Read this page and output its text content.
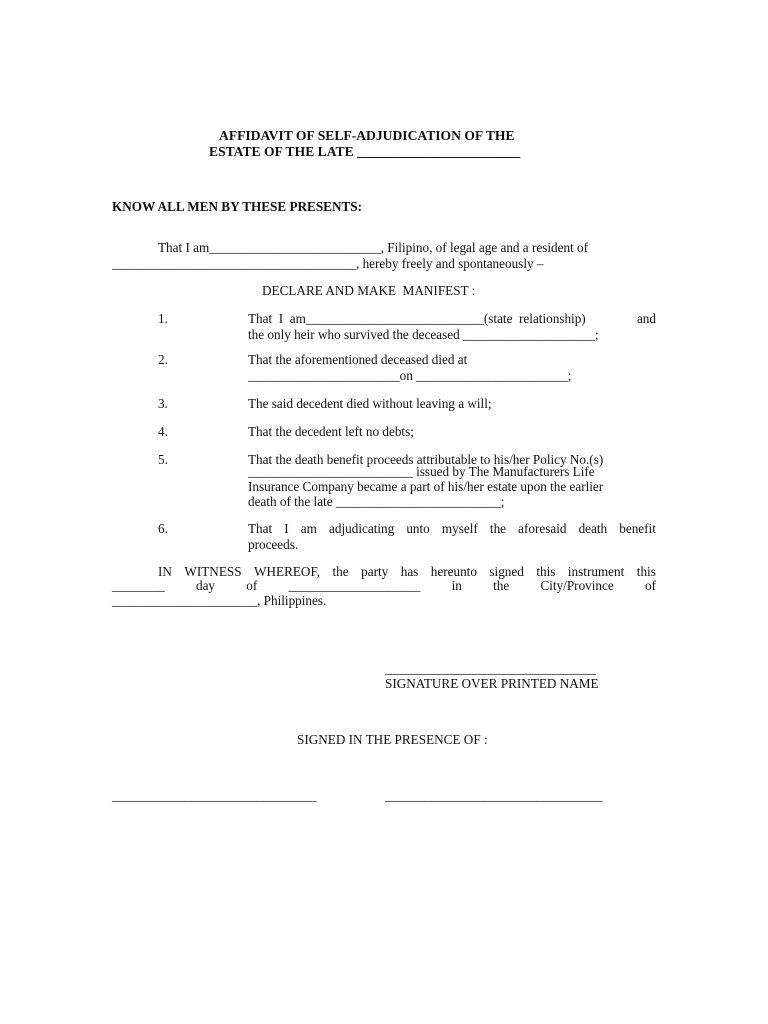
AFFIDAVIT OF SELF-ADJUDICATION OF THE
ESTATE OF THE LATE ________________________
KNOW ALL MEN BY THESE PRESENTS:
That I am__________________________, Filipino, of legal age and a resident of
_____________________________________, hereby freely and spontaneously –
DECLARE AND MAKE  MANIFEST :
1.	That  I  am___________________________(state  relationship)	and
the only heir who survived the deceased ____________________;
2.	That the aforementioned deceased died at
_______________________on _______________________;
3.	The said decedent died without leaving a will;
4.	That the decedent left no debts;
5.	That the death benefit proceeds attributable to his/her Policy No.(s)
_________________________ issued by The Manufacturers Life
Insurance Company became a part of his/her estate upon the earlier
death of the late _________________________;
6.	That I am adjudicating unto myself the aforesaid death benefit
proceeds.
IN WITNESS WHEREOF, the party has hereunto signed this instrument this
________ day of ____________________ in the City/Province of
______________________, Philippines.
________________________________
SIGNATURE OVER PRINTED NAME
SIGNED IN THE PRESENCE OF :
_______________________________	_________________________________
